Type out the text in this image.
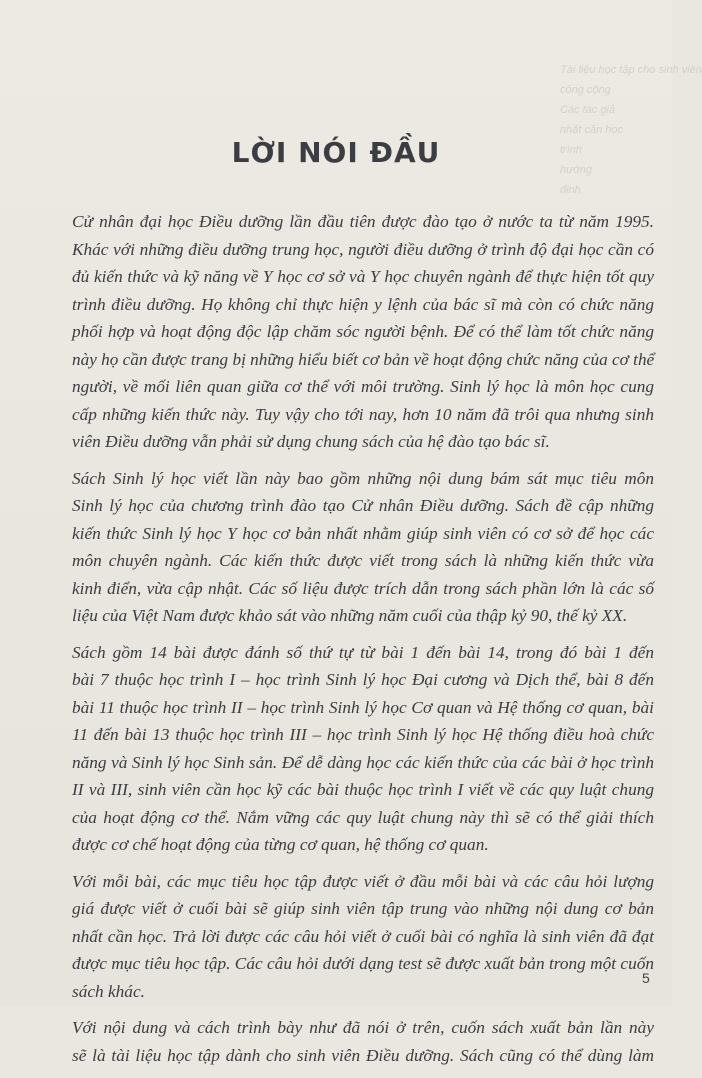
Tài liệu học tập cho sinh viên
công cộng
Các tác giả
nhất cần học
trình
hướng
định
LỜI NÓI ĐẦU
Cử nhân đại học Điều dưỡng lần đầu tiên được đào tạo ở nước ta từ năm 1995.
Khác với những điều dưỡng trung học, người điều dưỡng ở trình độ đại học cần có
đủ kiến thức và kỹ năng về Y học cơ sở và Y học chuyên ngành để thực hiện tốt quy
trình điều dưỡng. Họ không chỉ thực hiện y lệnh của bác sĩ mà còn có chức năng
phối hợp và hoạt động độc lập chăm sóc người bệnh. Để có thể làm tốt chức năng
này họ cần được trang bị những hiểu biết cơ bản về hoạt động chức năng của cơ thể
người, về mối liên quan giữa cơ thể với môi trường. Sinh lý học là môn học cung
cấp những kiến thức này. Tuy vậy cho tới nay, hơn 10 năm đã trôi qua nhưng sinh
viên Điều dưỡng vẫn phải sử dụng chung sách của hệ đào tạo bác sĩ.
Sách Sinh lý học viết lần này bao gồm những nội dung bám sát mục tiêu môn
Sinh lý học của chương trình đào tạo Cử nhân Điều dưỡng. Sách đề cập những
kiến thức Sinh lý học Y học cơ bản nhất nhằm giúp sinh viên có cơ sở để học các
môn chuyên ngành. Các kiến thức được viết trong sách là những kiến thức vừa
kinh điển, vừa cập nhật. Các số liệu được trích dẫn trong sách phần lớn là các số
liệu của Việt Nam được khảo sát vào những năm cuối của thập kỷ 90, thế kỷ XX.
Sách gồm 14 bài được đánh số thứ tự từ bài 1 đến bài 14, trong đó bài 1 đến
bài 7 thuộc học trình I – học trình Sinh lý học Đại cương và Dịch thể, bài 8 đến
bài 11 thuộc học trình II – học trình Sinh lý học Cơ quan và Hệ thống cơ quan, bài
11 đến bài 13 thuộc học trình III – học trình Sinh lý học Hệ thống điều hoà chức
năng và Sinh lý học Sinh sản. Để dễ dàng học các kiến thức của các bài ở học trình
II và III, sinh viên cần học kỹ các bài thuộc học trình I viết về các quy luật chung
của hoạt động cơ thể. Nắm vững các quy luật chung này thì sẽ có thể giải thích
được cơ chế hoạt động của từng cơ quan, hệ thống cơ quan.
Với mỗi bài, các mục tiêu học tập được viết ở đầu mỗi bài và các câu hỏi lượng
giá được viết ở cuối bài sẽ giúp sinh viên tập trung vào những nội dung cơ bản
nhất cần học. Trả lời được các câu hỏi viết ở cuối bài có nghĩa là sinh viên đã đạt
được mục tiêu học tập. Các câu hỏi dưới dạng test sẽ được xuất bản trong một cuốn
sách khác.
Với nội dung và cách trình bày như đã nói ở trên, cuốn sách xuất bản lần này
sẽ là tài liệu học tập dành cho sinh viên Điều dưỡng. Sách cũng có thể dùng làm
5
